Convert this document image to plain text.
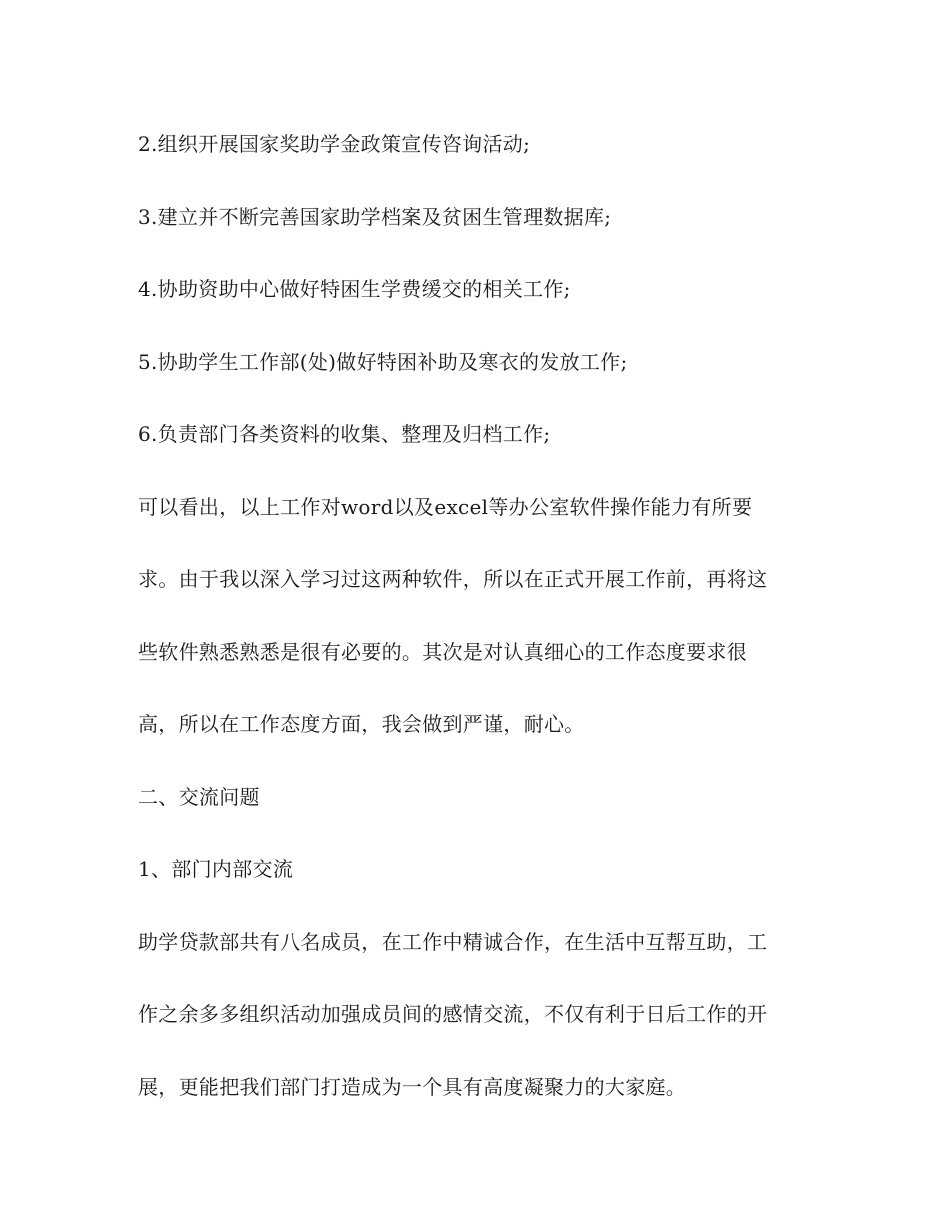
2.组织开展国家奖助学金政策宣传咨询活动;
3.建立并不断完善国家助学档案及贫困生管理数据库;
4.协助资助中心做好特困生学费缓交的相关工作;
5.协助学生工作部(处)做好特困补助及寒衣的发放工作;
6.负责部门各类资料的收集、整理及归档工作;
可以看出，以上工作对word以及excel等办公室软件操作能力有所要
求。由于我以深入学习过这两种软件，所以在正式开展工作前，再将这
些软件熟悉熟悉是很有必要的。其次是对认真细心的工作态度要求很
高，所以在工作态度方面，我会做到严谨，耐心。
二、交流问题
1、部门内部交流
助学贷款部共有八名成员，在工作中精诚合作，在生活中互帮互助，工
作之余多多组织活动加强成员间的感情交流，不仅有利于日后工作的开
展，更能把我们部门打造成为一个具有高度凝聚力的大家庭。
